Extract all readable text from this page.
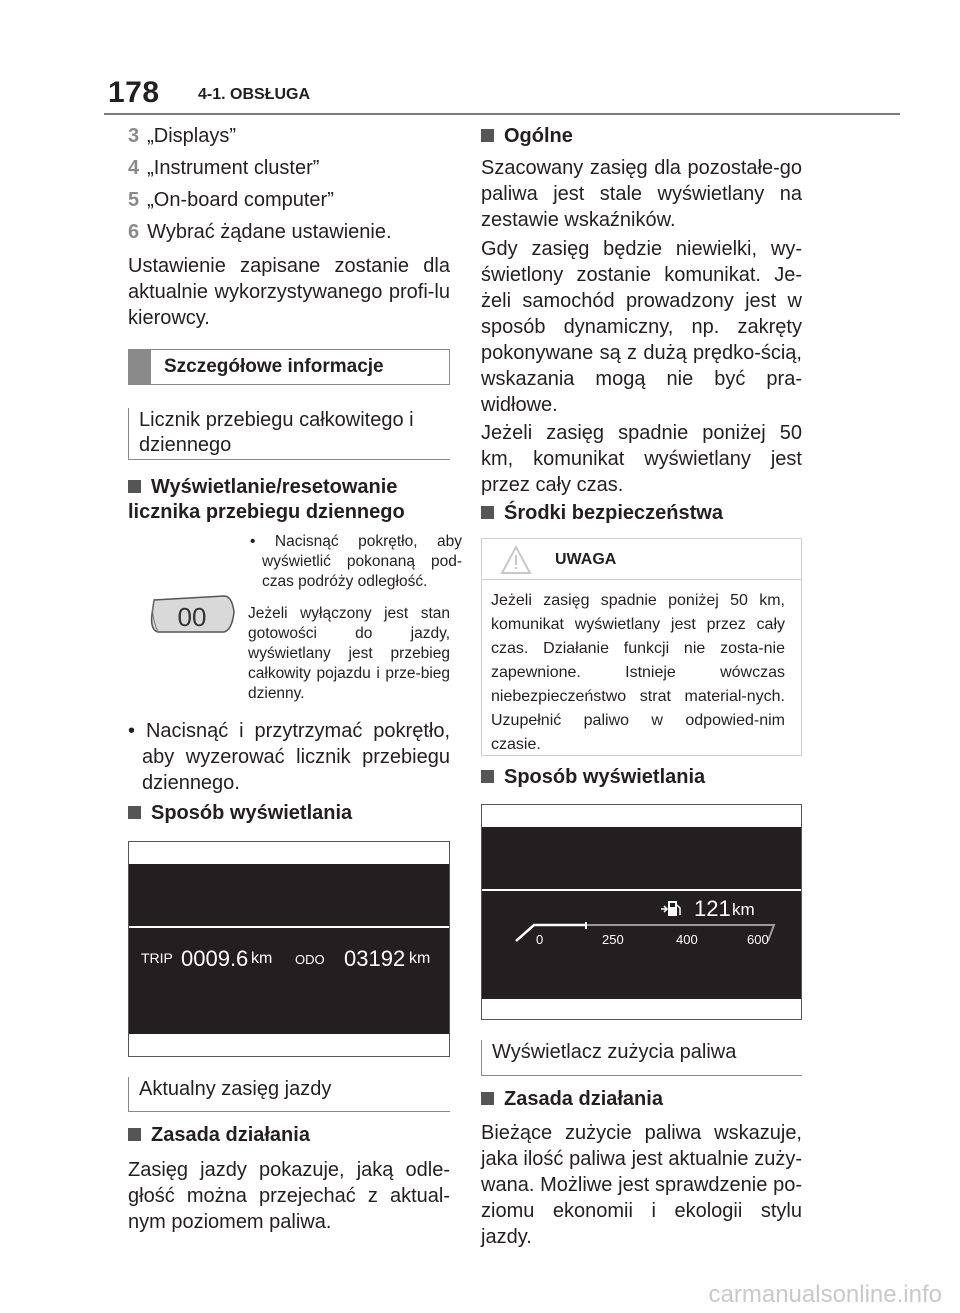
178 4-1. OBSŁUGA
3 „Displays”
4 „Instrument cluster”
5 „On-board computer”
6 Wybrać żądane ustawienie.
Ustawienie zapisane zostanie dla aktualnie wykorzystywanego profi-lu kierowcy.
Szczegółowe informacje
Licznik przebiegu całkowitego i dziennego
Wyświetlanie/resetowanie licznika przebiegu dziennego
• Nacisnąć pokrętło, aby wyświetlić pokonaną pod-czas podróży odległość.
00	Jeżeli wyłączony jest stan gotowości do jazdy, wyświetlany jest przebieg całkowity pojazdu i prze-bieg dzienny.
• Nacisnąć i przytrzymać pokrętło, aby wyzerować licznik przebiegu dziennego.
Sposób wyświetlania
TRIP 0009.6 km ODO 03192 km
Aktualny zasięg jazdy
Zasada działania
Zasięg jazdy pokazuje, jaką odle-głość można przejechać z aktual-nym poziomem paliwa.
Ogólne
Szacowany zasięg dla pozostałe-go paliwa jest stale wyświetlany na zestawie wskaźników.
Gdy zasięg będzie niewielki, wy-świetlony zostanie komunikat. Je-żeli samochód prowadzony jest w sposób dynamiczny, np. zakręty pokonywane są z dużą prędko-ścią, wskazania mogą nie być pra-widłowe.
Jeżeli zasięg spadnie poniżej 50 km, komunikat wyświetlany jest przez cały czas.
Środki bezpieczeństwa
UWAGA
Jeżeli zasięg spadnie poniżej 50 km, komunikat wyświetlany jest przez cały czas. Działanie funkcji nie zosta-nie zapewnione. Istnieje wówczas niebezpieczeństwo strat material-nych. Uzupełnić paliwo w odpowied-nim czasie.
Sposób wyświetlania
121 km
0	250	400	600
Wyświetlacz zużycia paliwa
Zasada działania
Bieżące zużycie paliwa wskazuje, jaka ilość paliwa jest aktualnie zuży-wana. Możliwe jest sprawdzenie po-ziomu ekonomii i ekologii stylu jazdy.
carmanualsonline.info
